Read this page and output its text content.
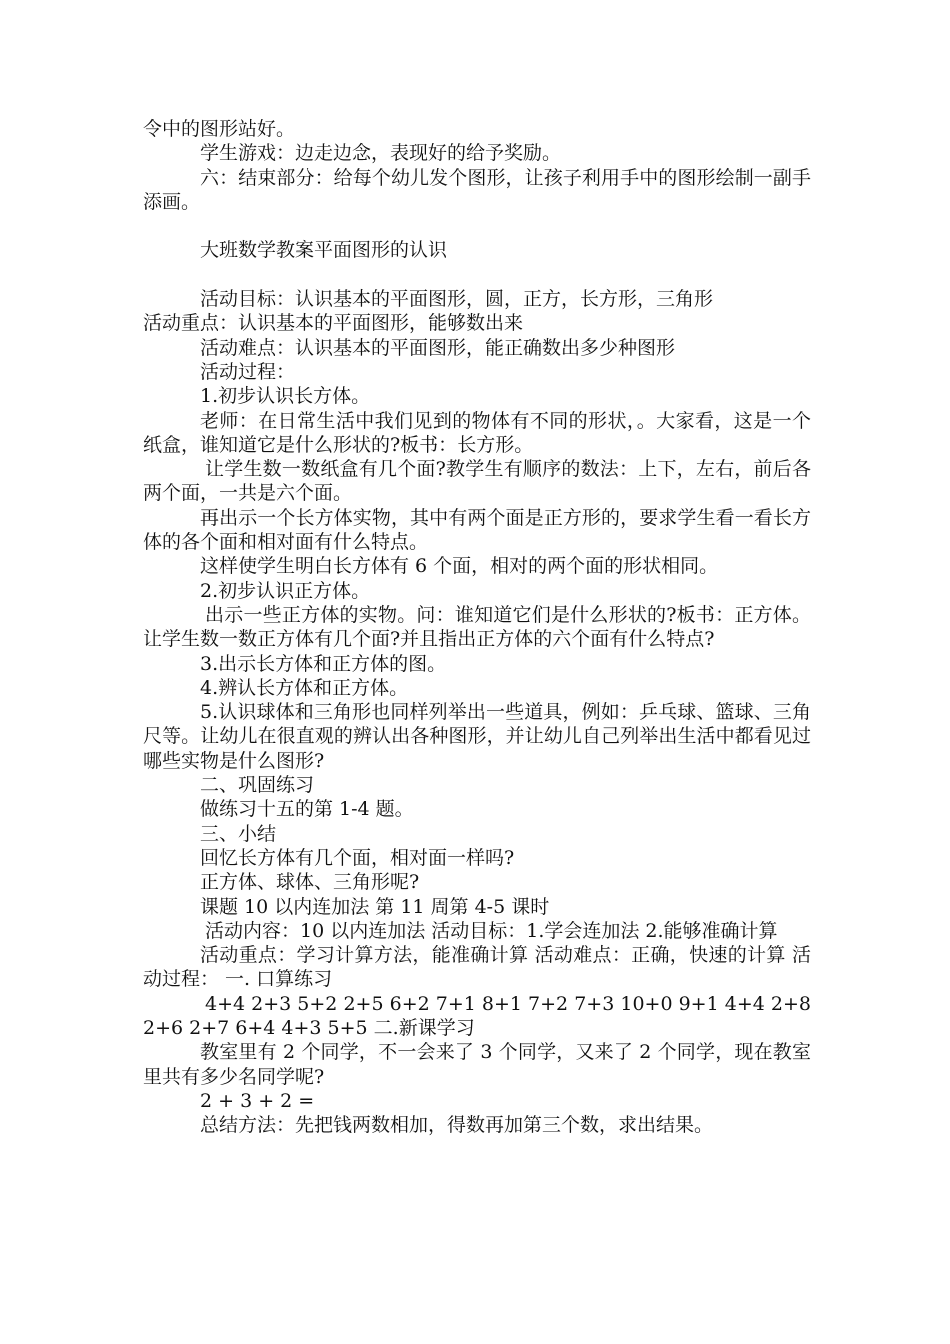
令中的图形站好。

学生游戏：边走边念，表现好的给予奖励。

六：结束部分：给每个幼儿发个图形，让孩子利用手中的图形绘制一副手添画。

大班数学教案平面图形的认识

活动目标：认识基本的平面图形，圆，正方，长方形，三角形

活动重点：认识基本的平面图形，能够数出来

活动难点：认识基本的平面图形，能正确数出多少种图形

活动过程：

1.初步认识长方体。

老师：在日常生活中我们见到的物体有不同的形状，。大家看，这是一个纸盒，谁知道它是什么形状的?板书：长方形。

让学生数一数纸盒有几个面?教学生有顺序的数法：上下，左右，前后各两个面，一共是六个面。

再出示一个长方体实物，其中有两个面是正方形的，要求学生看一看长方体的各个面和相对面有什么特点。

这样使学生明白长方体有 6 个面，相对的两个面的形状相同。

2.初步认识正方体。

出示一些正方体的实物。问：谁知道它们是什么形状的?板书：正方体。让学生数一数正方体有几个面?并且指出正方体的六个面有什么特点?

3.出示长方体和正方体的图。

4.辨认长方体和正方体。

5.认识球体和三角形也同样列举出一些道具，例如：乒乓球、篮球、三角尺等。让幼儿在很直观的辨认出各种图形，并让幼儿自己列举出生活中都看见过哪些实物是什么图形?

二、巩固练习

做练习十五的第 1-4 题。

三、小结

回忆长方体有几个面，相对面一样吗?

正方体、球体、三角形呢?

课题 10 以内连加法 第 11 周第 4-5 课时

活动内容：10 以内连加法 活动目标：1.学会连加法 2.能够准确计算

活动重点：学习计算方法，能准确计算 活动难点：正确，快速的计算 活动过程： 一. 口算练习

4+4 2+3 5+2 2+5 6+2 7+1 8+1 7+2 7+3 10+0 9+1 4+4 2+8 2+6 2+7 6+4 4+3 5+5 二.新课学习

教室里有 2 个同学，不一会来了 3 个同学，又来了 2 个同学，现在教室里共有多少名同学呢?

2 + 3 + 2 =

总结方法：先把钱两数相加，得数再加第三个数，求出结果。
